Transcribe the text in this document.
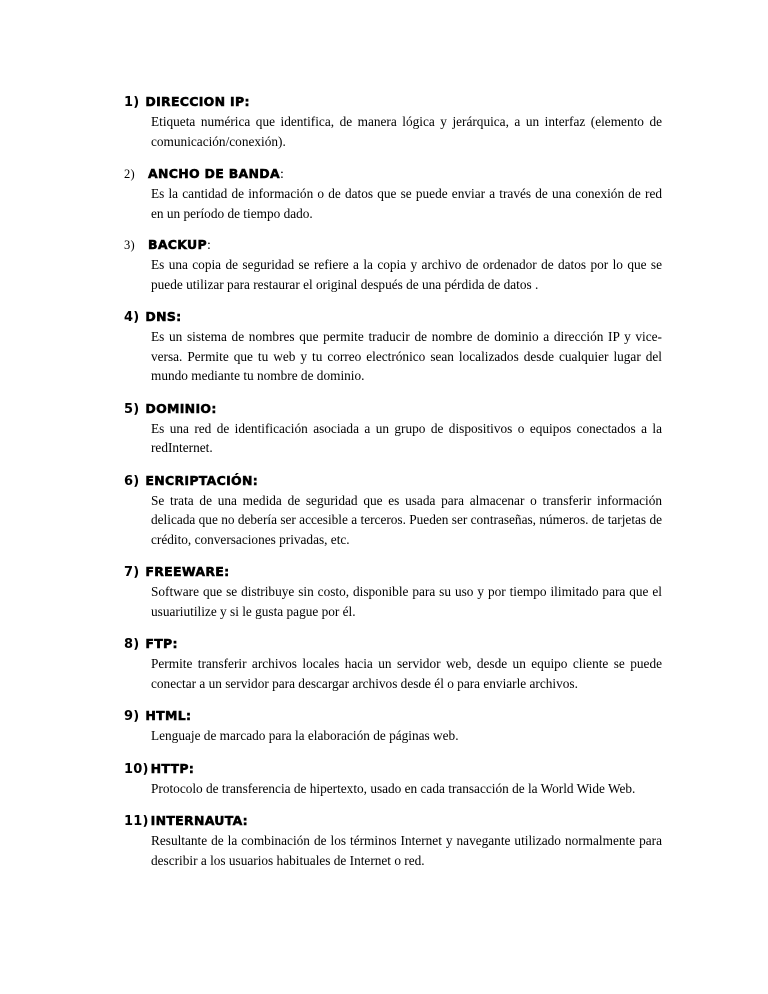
1) DIRECCION IP :

Etiqueta numérica que identifica, de manera lógica y jerárquica, a un interfaz (elemento de comunicación/conexión).

2)	ANCHO DE BANDA :

Es la cantidad de información o de datos que se puede enviar a través de una conexión de red en un período de tiempo dado.

3)	BACKUP :

Es una copia de seguridad se refiere a la copia y archivo de ordenador de datos por lo que se puede utilizar para restaurar el original después de una pérdida de datos .

4) DNS :

Es un sistema de nombres que permite traducir de nombre de dominio a dirección IP y vice-versa. Permite que tu web y tu correo electrónico sean localizados desde cualquier lugar del mundo mediante tu nombre de dominio.

5) DOMINIO :

Es una red de identificación asociada a un grupo de dispositivos o equipos conectados a la redInternet.

6) ENCRIPTACIÓN :

Se trata de una medida de seguridad que es usada para almacenar o transferir información delicada que no debería ser accesible a terceros. Pueden ser contraseñas, números. de tarjetas de crédito, conversaciones privadas, etc.

7) FREEWARE :

Software que se distribuye sin costo, disponible para su uso y por tiempo ilimitado para que el usuariutilize y si le gusta pague por él.

8) FTP :

Permite transferir archivos locales hacia un servidor web, desde un equipo cliente se puede conectar a un servidor para descargar archivos desde él o para enviarle archivos.

9) HTML :

Lenguaje de marcado para la elaboración de páginas web.

10) HTTP :

Protocolo de transferencia de hipertexto, usado en cada transacción de la World Wide Web.

11) INTERNAUTA :

Resultante de la combinación de los términos Internet y navegante utilizado normalmente para describir a los usuarios habituales de Internet o red.
